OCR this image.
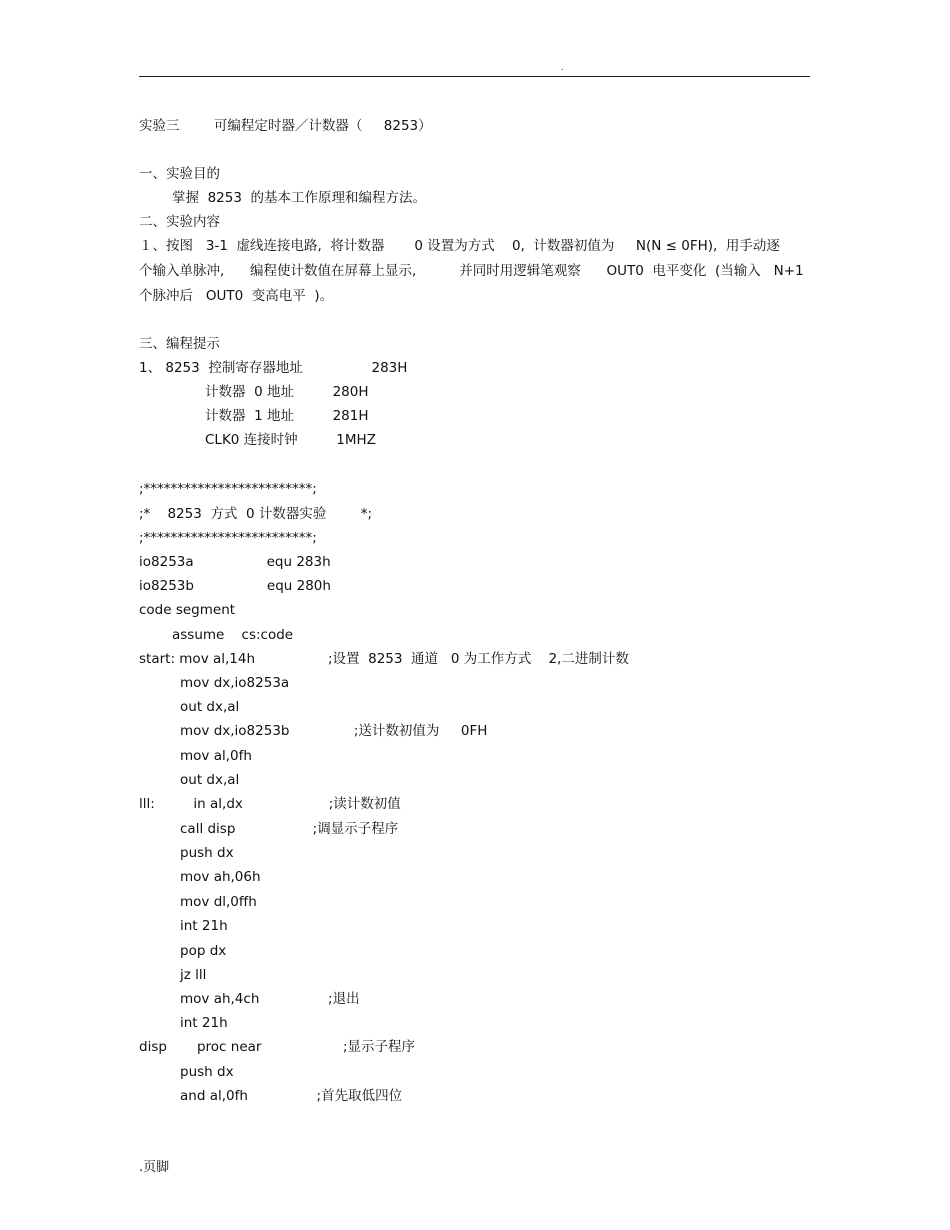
.
实验三        可编程定时器／计数器（     8253）
一、实验目的
掌握  8253  的基本工作原理和编程方法。
二、实验内容
１、按图   3-1  虚线连接电路,  将计数器       0 设置为方式    0,  计数器初值为     N(N ≤ 0FH),  用手动逐
个输入单脉冲,      编程使计数值在屏幕上显示,          并同时用逻辑笔观察      OUT0  电平变化  (当输入   N+1
个脉冲后   OUT0  变高电平  )。
三、编程提示
1、 8253  控制寄存器地址                283H
计数器  0 地址         280H
计数器  1 地址         281H
CLK0 连接时钟         1MHZ
;*************************;
;*    8253  方式  0 计数器实验        *;
;*************************;
io8253a                 equ 283h
io8253b                 equ 280h
code segment
assume    cs:code
start: mov al,14h                 ;设置  8253  通道   0 为工作方式    2,二进制计数
mov dx,io8253a
out dx,al
mov dx,io8253b               ;送计数初值为     0FH
mov al,0fh
out dx,al
lll:         in al,dx                    ;读计数初值
call disp                  ;调显示子程序
push dx
mov ah,06h
mov dl,0ffh
int 21h
pop dx
jz lll
mov ah,4ch                ;退出
int 21h
disp       proc near                   ;显示子程序
push dx
and al,0fh                ;首先取低四位
.页脚
